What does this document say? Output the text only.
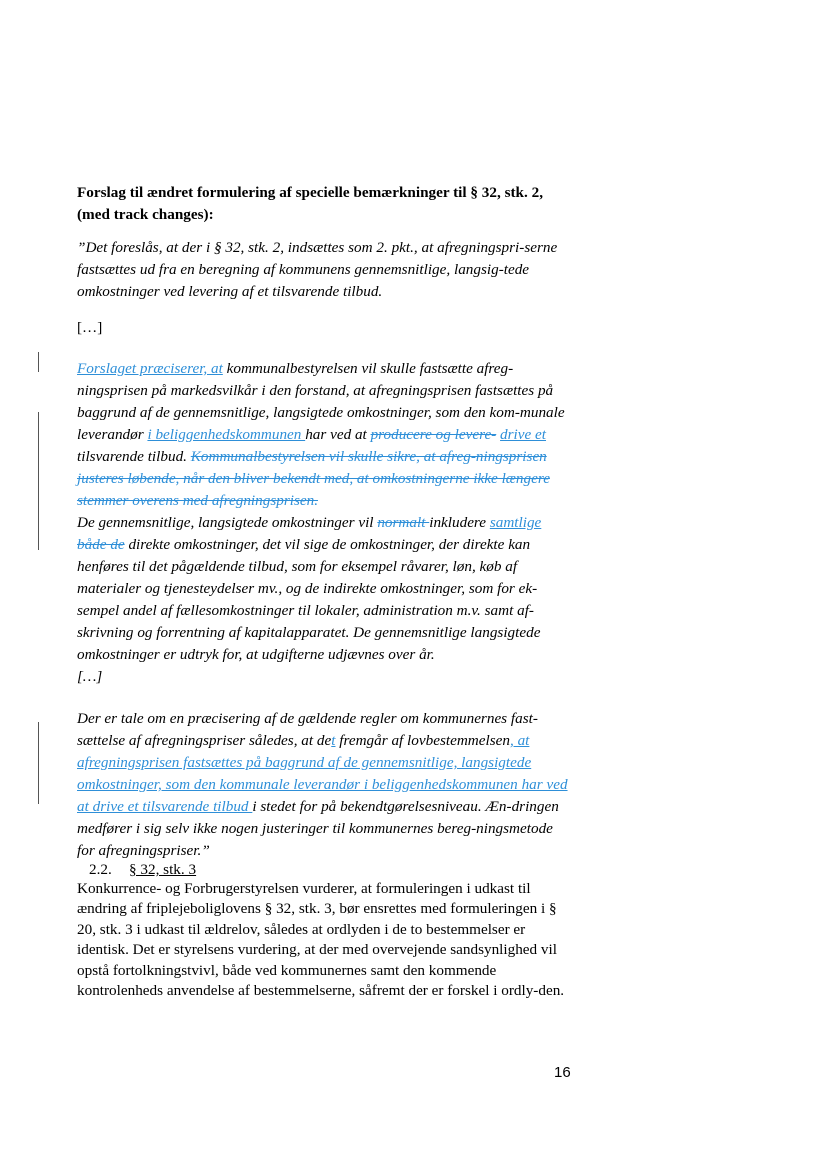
Forslag til ændret formulering af specielle bemærkninger til § 32, stk. 2,
(med track changes):
”Det foreslås, at der i § 32, stk. 2, indsættes som 2. pkt., at afregningspri-serne fastsættes ud fra en beregning af kommunens gennemsnitlige, langsig-tede omkostninger ved levering af et tilsvarende tilbud.
[…]
Forslaget præciserer, at kommunalbestyrelsen vil skulle fastsætte afreg-ningsprisen på markedsvilkår i den forstand, at afregningsprisen fastsættes på baggrund af de gennemsnitlige, langsigtede omkostninger, som den kom-munale leverandør i beliggenhedskommunen har ved at producere og levere- drive et tilsvarende tilbud. Kommunalbestyrelsen vil skulle sikre, at afreg-ningsprisen justeres løbende, når den bliver bekendt med, at omkostningerne ikke længere stemmer overens med afregningsprisen.
De gennemsnitlige, langsigtede omkostninger vil normalt inkludere samtlige både de direkte omkostninger, det vil sige de omkostninger, der direkte kan henføres til det pågældende tilbud, som for eksempel råvarer, løn, køb af materialer og tjenesteydelser mv., og de indirekte omkostninger, som for ek-sempel andel af fællesomkostninger til lokaler, administration m.v. samt af-skrivning og forrentning af kapitalapparatet. De gennemsnitlige langsigtede omkostninger er udtryk for, at udgifterne udjævnes over år.
[…]
Der er tale om en præcisering af de gældende regler om kommunernes fast-sættelse af afregningspriser således, at det fremgår af lovbestemmelsen, at afregningsprisen fastsættes på baggrund af de gennemsnitlige, langsigtede omkostninger, som den kommunale leverandør i beliggenhedskommunen har ved at drive et tilsvarende tilbud i stedet for på bekendtgørelsesniveau. Æn-dringen medfører i sig selv ikke nogen justeringer til kommunernes bereg-ningsmetode for afregningspriser.”
2.2. § 32, stk. 3
Konkurrence- og Forbrugerstyrelsen vurderer, at formuleringen i udkast til ændring af friplejeboliglovens § 32, stk. 3, bør ensrettes med formuleringen i § 20, stk. 3 i udkast til ældrelov, således at ordlyden i de to bestemmelser er identisk. Det er styrelsens vurdering, at der med overvejende sandsynlighed vil opstå fortolkningstvivl, både ved kommunernes samt den kommende kontrolenheds anvendelse af bestemmelserne, såfremt der er forskel i ordly-den.
16
